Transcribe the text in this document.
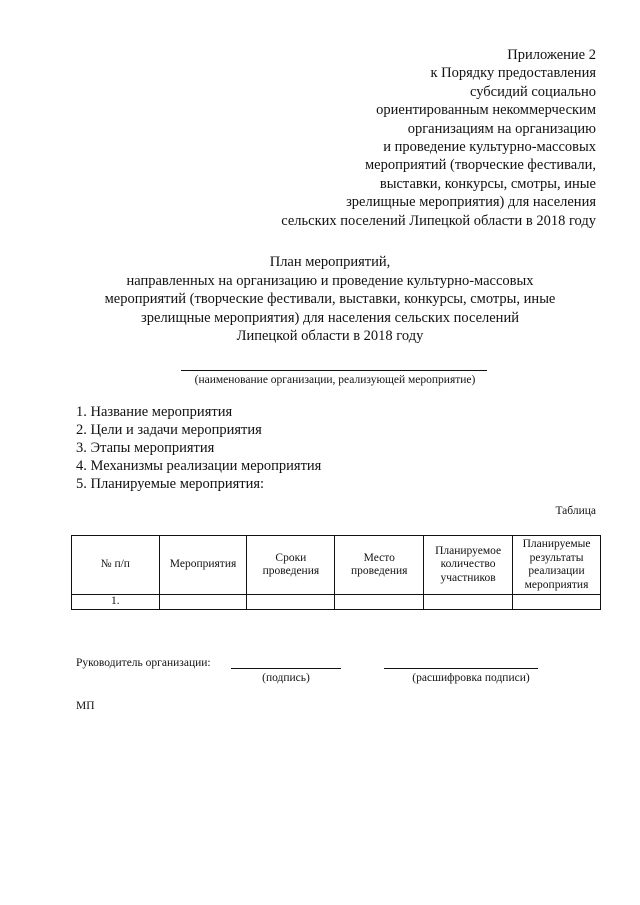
Приложение 2
к Порядку предоставления
субсидий социально
ориентированным некоммерческим
организациям на организацию
и проведение культурно-массовых
мероприятий (творческие фестивали,
выставки, конкурсы, смотры, иные
зрелищные мероприятия) для населения
сельских поселений Липецкой области в 2018 году
План мероприятий,
направленных на организацию и проведение культурно-массовых
мероприятий (творческие фестивали, выставки, конкурсы, смотры, иные
зрелищные мероприятия) для населения сельских поселений
Липецкой области в 2018 году
(наименование организации, реализующей мероприятие)
1. Название мероприятия
2. Цели и задачи мероприятия
3. Этапы мероприятия
4. Механизмы реализации мероприятия
5. Планируемые мероприятия:
Таблица
№ п/п	Мероприятия	Сроки проведения	Место проведения	Планируемое количество участников	Планируемые результаты реализации мероприятия
1.					
Руководитель организации:
(подпись)	(расшифровка подписи)
МП
